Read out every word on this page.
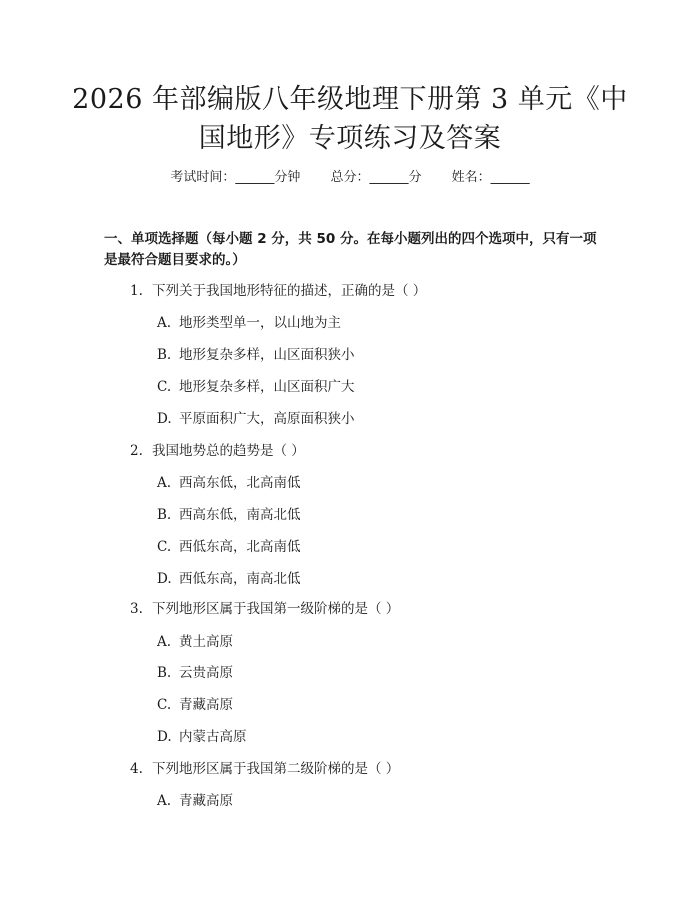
2026 年部编版八年级地理下册第 3 单元《中
国地形》专项练习及答案
考试时间：______分钟 总分：______分 姓名：______
一、单项选择题（每小题 2 分，共 50 分。在每小题列出的四个选项中，只有一项
是最符合题目要求的。）
1. 下列关于我国地形特征的描述，正确的是（ ）
A. 地形类型单一，以山地为主
B. 地形复杂多样，山区面积狭小
C. 地形复杂多样，山区面积广大
D. 平原面积广大，高原面积狭小
2. 我国地势总的趋势是（ ）
A. 西高东低，北高南低
B. 西高东低，南高北低
C. 西低东高，北高南低
D. 西低东高，南高北低
3. 下列地形区属于我国第一级阶梯的是（ ）
A. 黄土高原
B. 云贵高原
C. 青藏高原
D. 内蒙古高原
4. 下列地形区属于我国第二级阶梯的是（ ）
A. 青藏高原
